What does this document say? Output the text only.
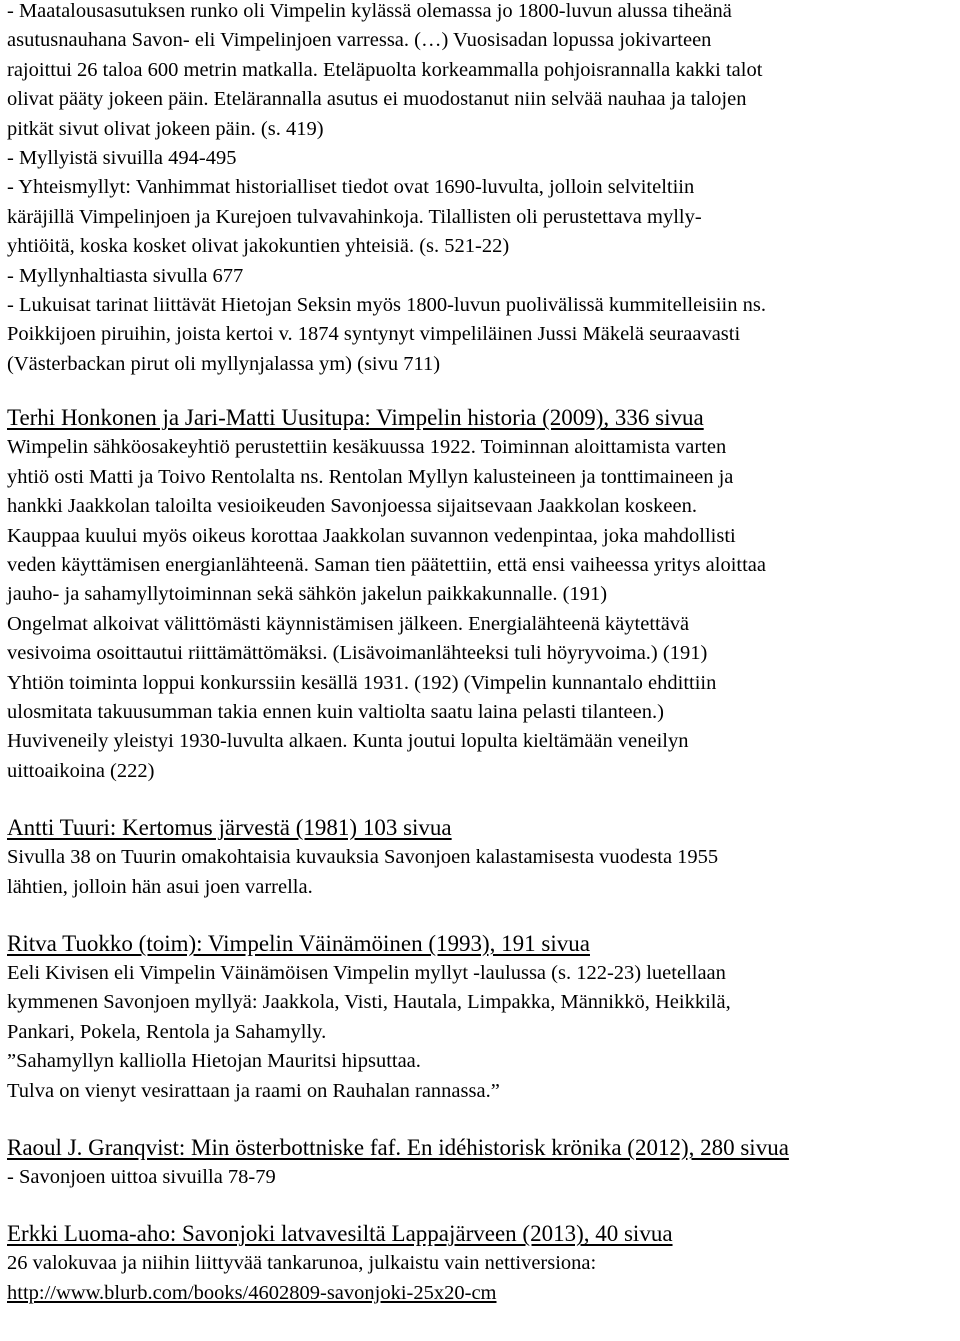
- Maatalousasutuksen runko oli Vimpelin kylässä olemassa jo 1800-luvun alussa tiheänä

asutusnauhana Savon- eli Vimpelinjoen varressa. (…) Vuosisadan lopussa jokivarteen

rajoittui 26 taloa 600 metrin matkalla. Eteläpuolta korkeammalla pohjoisrannalla kakki talot

olivat pääty jokeen päin. Etelärannalla asutus ei muodostanut niin selvää nauhaa ja talojen

pitkät sivut olivat jokeen päin. (s. 419)

- Myllyistä sivuilla 494-495

- Yhteismyllyt: Vanhimmat historialliset tiedot ovat 1690-luvulta, jolloin selviteltiin

käräjillä Vimpelinjoen ja Kurejoen tulvavahinkoja. Tilallisten oli perustettava mylly-

yhtiöitä, koska kosket olivat jakokuntien yhteisiä. (s. 521-22)

- Myllynhaltiasta sivulla 677

- Lukuisat tarinat liittävät Hietojan Seksin myös 1800-luvun puolivälissä kummitelleisiin ns.

Poikkijoen piruihin, joista kertoi v. 1874 syntynyt vimpeliläinen Jussi Mäkelä seuraavasti

(Västerbackan pirut oli myllynjalassa ym) (sivu 711)

Terhi Honkonen ja Jari-Matti Uusitupa: Vimpelin historia (2009), 336 sivua

Wimpelin sähköosakeyhtiö perustettiin kesäkuussa 1922. Toiminnan aloittamista varten

yhtiö osti Matti ja Toivo Rentolalta ns. Rentolan Myllyn kalusteineen ja tonttimaineen ja

hankki Jaakkolan taloilta vesioikeuden Savonjoessa sijaitsevaan Jaakkolan koskeen.

Kauppaa kuului myös oikeus korottaa Jaakkolan suvannon vedenpintaa, joka mahdollisti

veden käyttämisen energianlähteenä. Saman tien päätettiin, että ensi vaiheessa yritys aloittaa

jauho- ja sahamyllytoiminnan sekä sähkön jakelun paikkakunnalle. (191)

Ongelmat alkoivat välittömästi käynnistämisen jälkeen. Energialähteenä käytettävä

vesivoima osoittautui riittämättömäksi. (Lisävoimanlähteeksi tuli höyryvoima.) (191)

Yhtiön toiminta loppui konkurssiin kesällä 1931. (192) (Vimpelin kunnantalo ehdittiin

ulosmitata takuusumman takia ennen kuin valtiolta saatu laina pelasti tilanteen.)

Huviveneily yleistyi 1930-luvulta alkaen. Kunta joutui lopulta kieltämään veneilyn

uittoaikoina (222)

Antti Tuuri: Kertomus järvestä (1981) 103 sivua

Sivulla 38 on Tuurin omakohtaisia kuvauksia Savonjoen kalastamisesta vuodesta 1955

lähtien, jolloin hän asui joen varrella.

Ritva Tuokko (toim): Vimpelin Väinämöinen (1993), 191 sivua

Eeli Kivisen eli Vimpelin Väinämöisen Vimpelin myllyt -laulussa (s. 122-23) luetellaan

kymmenen Savonjoen myllyä: Jaakkola, Visti, Hautala, Limpakka, Männikkö, Heikkilä,

Pankari, Pokela, Rentola ja Sahamylly.

”Sahamyllyn kalliolla Hietojan Mauritsi hipsuttaa.

Tulva on vienyt vesirattaan ja raami on Rauhalan rannassa.”

Raoul J. Granqvist: Min österbottniske faf. En idéhistorisk krönika (2012), 280 sivua

- Savonjoen uittoa sivuilla 78-79

Erkki Luoma-aho: Savonjoki latvavesiltä Lappajärveen (2013), 40 sivua

26 valokuvaa ja niihin liittyvää tankarunoa, julkaistu vain nettiversiona:

http://www.blurb.com/books/4602809-savonjoki-25x20-cm
